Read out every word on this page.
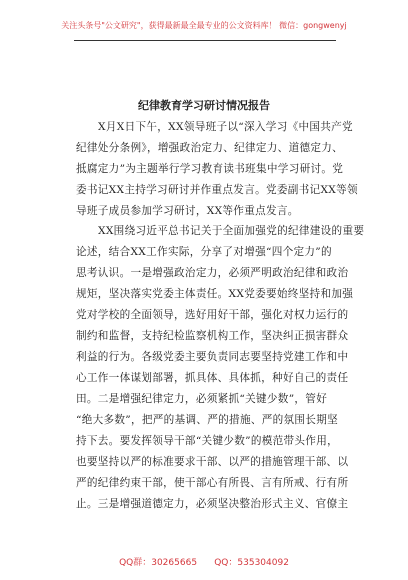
关注头条号"公文研究"，获得最新最全最专业的公文资料库！ 微信：gongwenyj
纪律教育学习研讨情况报告
X月X日下午，XX领导班子以“深入学习《中国共产党
纪律处分条例》，增强政治定力、纪律定力、道德定力、
抵腐定力”为主题举行学习教育读书班集中学习研讨。党
委书记XX主持学习研讨并作重点发言。党委副书记XX等领
导班子成员参加学习研讨，XX等作重点发言。
XX围绕习近平总书记关于全面加强党的纪律建设的重要
论述，结合XX工作实际，分享了对增强“四个定力”的
思考认识。一是增强政治定力，必须严明政治纪律和政治
规矩，坚决落实党委主体责任。XX党委要始终坚持和加强
党对学校的全面领导，选好用好干部，强化对权力运行的
制约和监督，支持纪检监察机构工作，坚决纠正损害群众
利益的行为。各级党委主要负责同志要坚持党建工作和中
心工作一体谋划部署，抓具体、具体抓，种好自己的责任
田。二是增强纪律定力，必须紧抓“关键少数”，管好
“绝大多数”，把严的基调、严的措施、严的氛围长期坚
持下去。要发挥领导干部“关键少数”的模范带头作用，
也要坚持以严的标准要求干部、以严的措施管理干部、以
严的纪律约束干部，使干部心有所畏、言有所戒、行有所
止。三是增强道德定力，必须坚决整治形式主义、官僚主
QQ群：30265665 QQ：535304092
